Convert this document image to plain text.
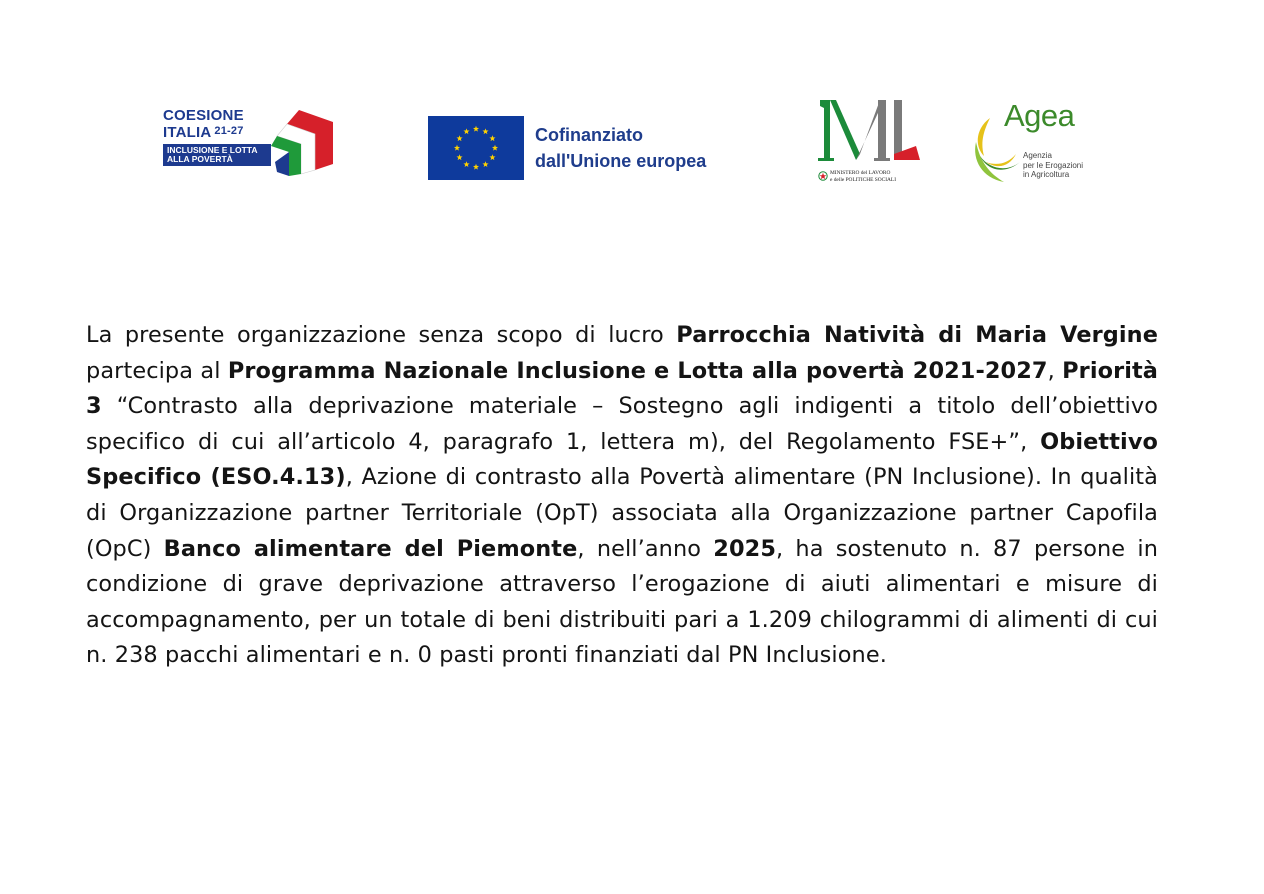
COESIONE
ITALIA $^{21-27}$
INCLUSIONE E LOTTA
ALLA POVERTÀ
Cofinanziato
dall'Unione europea
MINISTERO del LAVORO
e delle POLITICHE SOCIALI
Agea
Agenzia
per le Erogazioni
in Agricoltura

La presente organizzazione senza scopo di lucro Parrocchia Natività di Maria Vergine partecipa al Programma Nazionale Inclusione e Lotta alla povertà 2021-2027, Priorità 3 “Contrasto alla deprivazione materiale – Sostegno agli indigenti a titolo dell’obiettivo specifico di cui all’articolo 4, paragrafo 1, lettera m), del Regolamento FSE+”, Obiettivo Specifico (ESO.4.13), Azione di contrasto alla Povertà alimentare (PN Inclusione). In qualità di Organizzazione partner Territoriale (OpT) associata alla Organizzazione partner Capofila (OpC) Banco alimentare del Piemonte, nell’anno 2025, ha sostenuto n. 87 persone in condizione di grave deprivazione attraverso l’erogazione di aiuti alimentari e misure di accompagnamento, per un totale di beni distribuiti pari a 1.209 chilogrammi di alimenti di cui n. 238 pacchi alimentari e n. 0 pasti pronti finanziati dal PN Inclusione.
